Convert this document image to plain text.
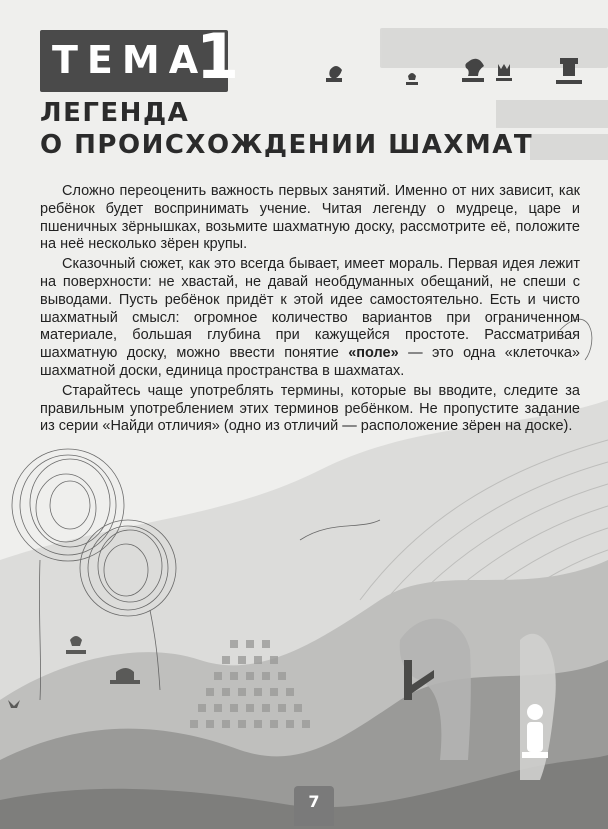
ТЕМА
1
ЛЕГЕНДА
О ПРОИСХОЖДЕНИИ ШАХМАТ

Сложно переоценить важность первых занятий. Именно от них зависит, как ребёнок будет воспринимать учение. Читая легенду о мудреце, царе и пшеничных зёрнышках, возьмите шахматную доску, рассмотрите её, положите на неё несколько зёрен крупы.

Сказочный сюжет, как это всегда бывает, имеет мораль. Первая идея лежит на поверхности: не хвастай, не давай необдуманных обещаний, не спеши с выводами. Пусть ребёнок придёт к этой идее самостоятельно. Есть и чисто шахматный смысл: огромное количество вариантов при ограниченном материале, большая глубина при кажущейся простоте. Рассматривая шахматную доску, можно ввести понятие «поле» — это одна «клеточка» шахматной доски, единица пространства в шахматах.

Старайтесь чаще употреблять термины, которые вы вводите, следите за правильным употреблением этих терминов ребёнком. Не пропустите задание из серии «Найди отличия» (одно из отличий — расположение зёрен на доске).

7
